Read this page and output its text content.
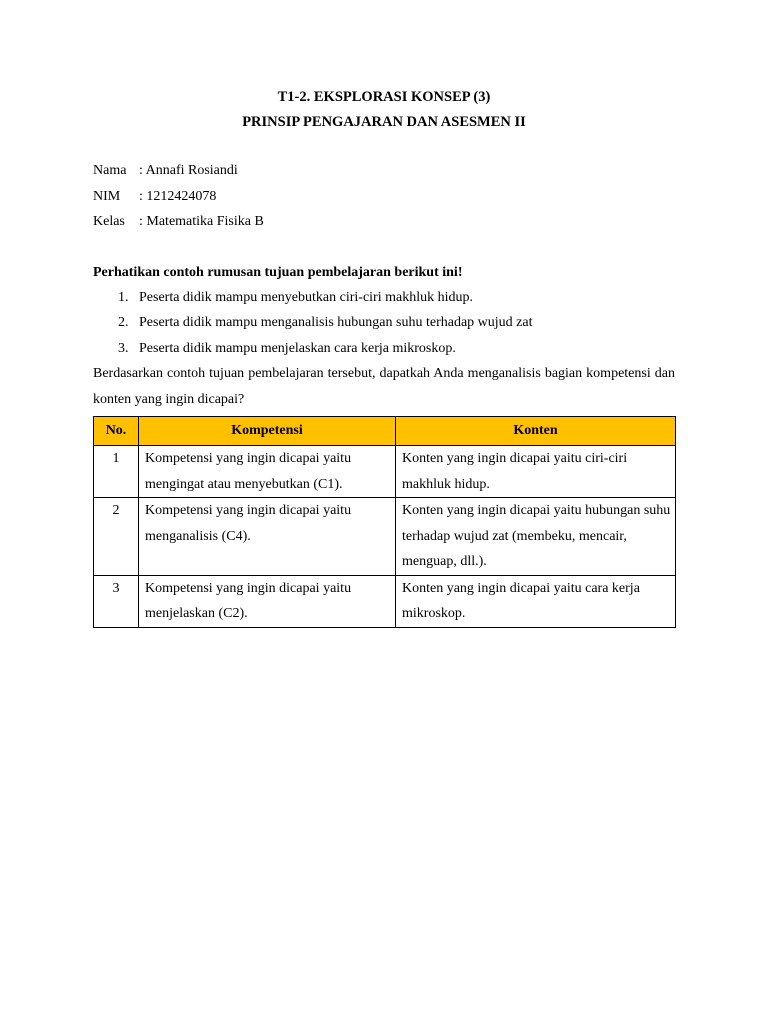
T1-2. EKSPLORASI KONSEP (3)

PRINSIP PENGAJARAN DAN ASESMEN II

Nama : Annafi Rosiandi
NIM	: 1212424078
Kelas	: Matematika Fisika B
Perhatikan contoh rumusan tujuan pembelajaran berikut ini!
1. Peserta didik mampu menyebutkan ciri-ciri makhluk hidup.
2. Peserta didik mampu menganalisis hubungan suhu terhadap wujud zat
3. Peserta didik mampu menjelaskan cara kerja mikroskop.
Berdasarkan contoh tujuan pembelajaran tersebut, dapatkah Anda menganalisis bagian kompetensi dan konten yang ingin dicapai?
No.	Kompetensi	Konten
1	Kompetensi yang ingin dicapai yaitu mengingat atau menyebutkan (C1).	Konten yang ingin dicapai yaitu ciri-ciri makhluk hidup.
2	Kompetensi yang ingin dicapai yaitu menganalisis (C4).	Konten yang ingin dicapai yaitu hubungan suhu terhadap wujud zat (membeku, mencair, menguap, dll.).
3	Kompetensi yang ingin dicapai yaitu menjelaskan (C2).	Konten yang ingin dicapai yaitu cara kerja mikroskop.
